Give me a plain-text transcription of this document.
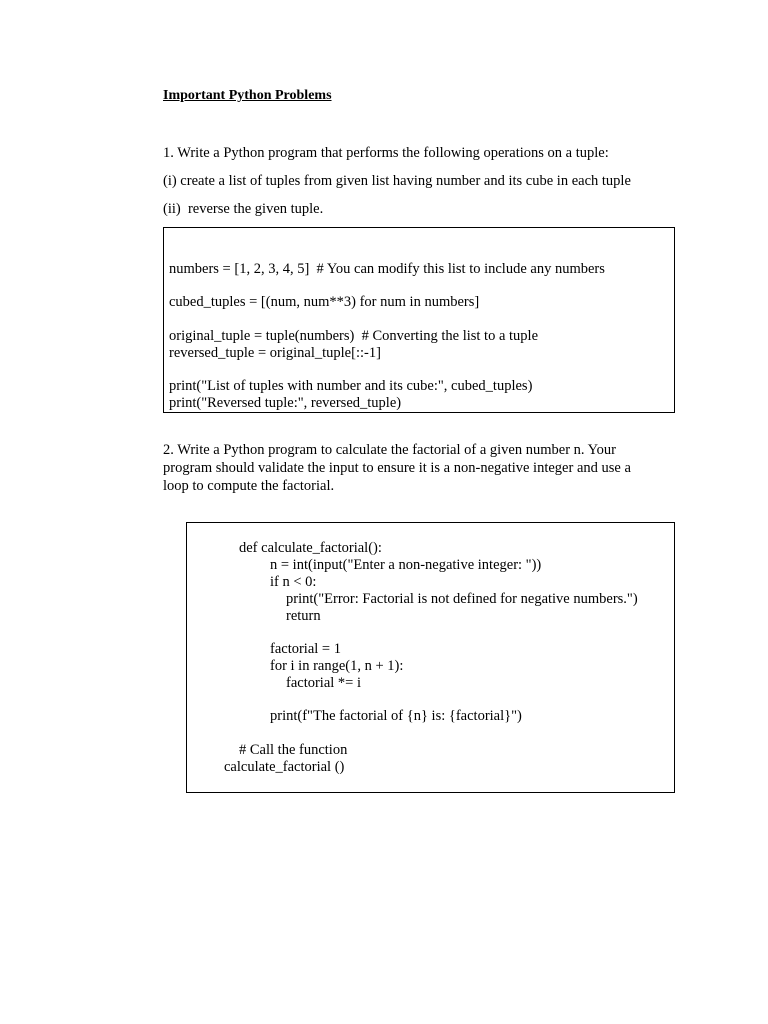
Important Python Problems
1. Write a Python program that performs the following operations on a tuple:
(i) create a list of tuples from given list having number and its cube in each tuple
(ii)  reverse the given tuple.
numbers = [1, 2, 3, 4, 5]  # You can modify this list to include any numbers
cubed_tuples = [(num, num**3) for num in numbers]
original_tuple = tuple(numbers)  # Converting the list to a tuple
reversed_tuple = original_tuple[::-1]
print("List of tuples with number and its cube:", cubed_tuples)
print("Reversed tuple:", reversed_tuple)
2. Write a Python program to calculate the factorial of a given number n. Your
program should validate the input to ensure it is a non-negative integer and use a
loop to compute the factorial.
def calculate_factorial():
n = int(input("Enter a non-negative integer: "))
if n < 0:
print("Error: Factorial is not defined for negative numbers.")
return
factorial = 1
for i in range(1, n + 1):
factorial *= i
print(f"The factorial of {n} is: {factorial}")
# Call the function
calculate_factorial ()
